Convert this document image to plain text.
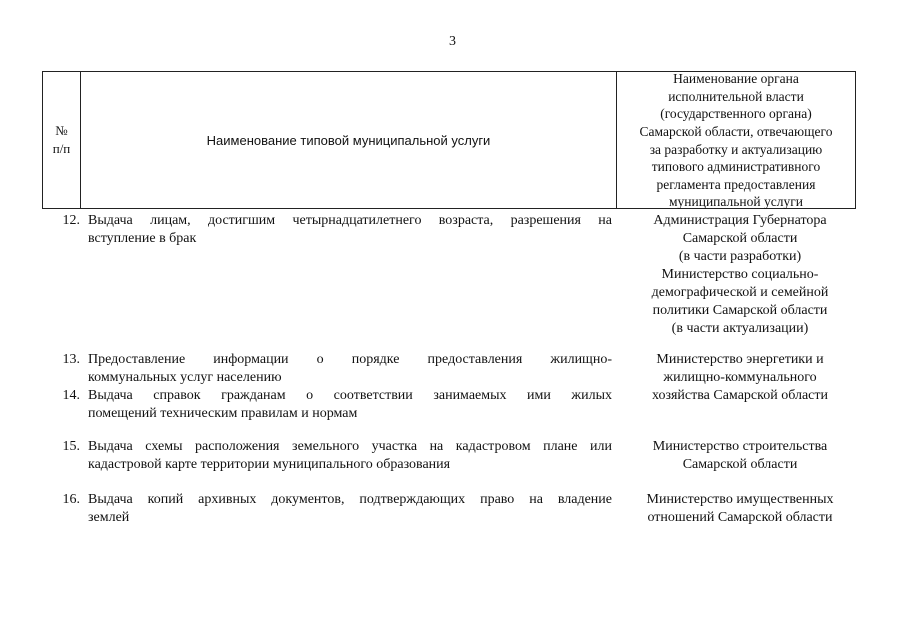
3
№
п/п
Наименование типовой муниципальной услуги
Наименование органа
исполнительной власти
(государственного органа)
Самарской области, отвечающего
за разработку и актуализацию
типового административного
регламента предоставления
муниципальной услуги
12. Выдача лицам, достигшим четырнадцатилетнего возраста, разрешения на
вступление в брак
Администрация Губернатора
Самарской области
(в части разработки)
Министерство социально-
демографической и семейной
политики Самарской области
(в части актуализации)
13. Предоставление информации о порядке предоставления жилищно-
коммунальных услуг населению
Министерство энергетики и
жилищно-коммунального
хозяйства Самарской области
14. Выдача справок гражданам о соответствии занимаемых ими жилых
помещений техническим правилам и нормам
15. Выдача схемы расположения земельного участка на кадастровом плане или
кадастровой карте территории муниципального образования
Министерство строительства
Самарской области
16. Выдача копий архивных документов, подтверждающих право на владение
землей
Министерство имущественных
отношений Самарской области
